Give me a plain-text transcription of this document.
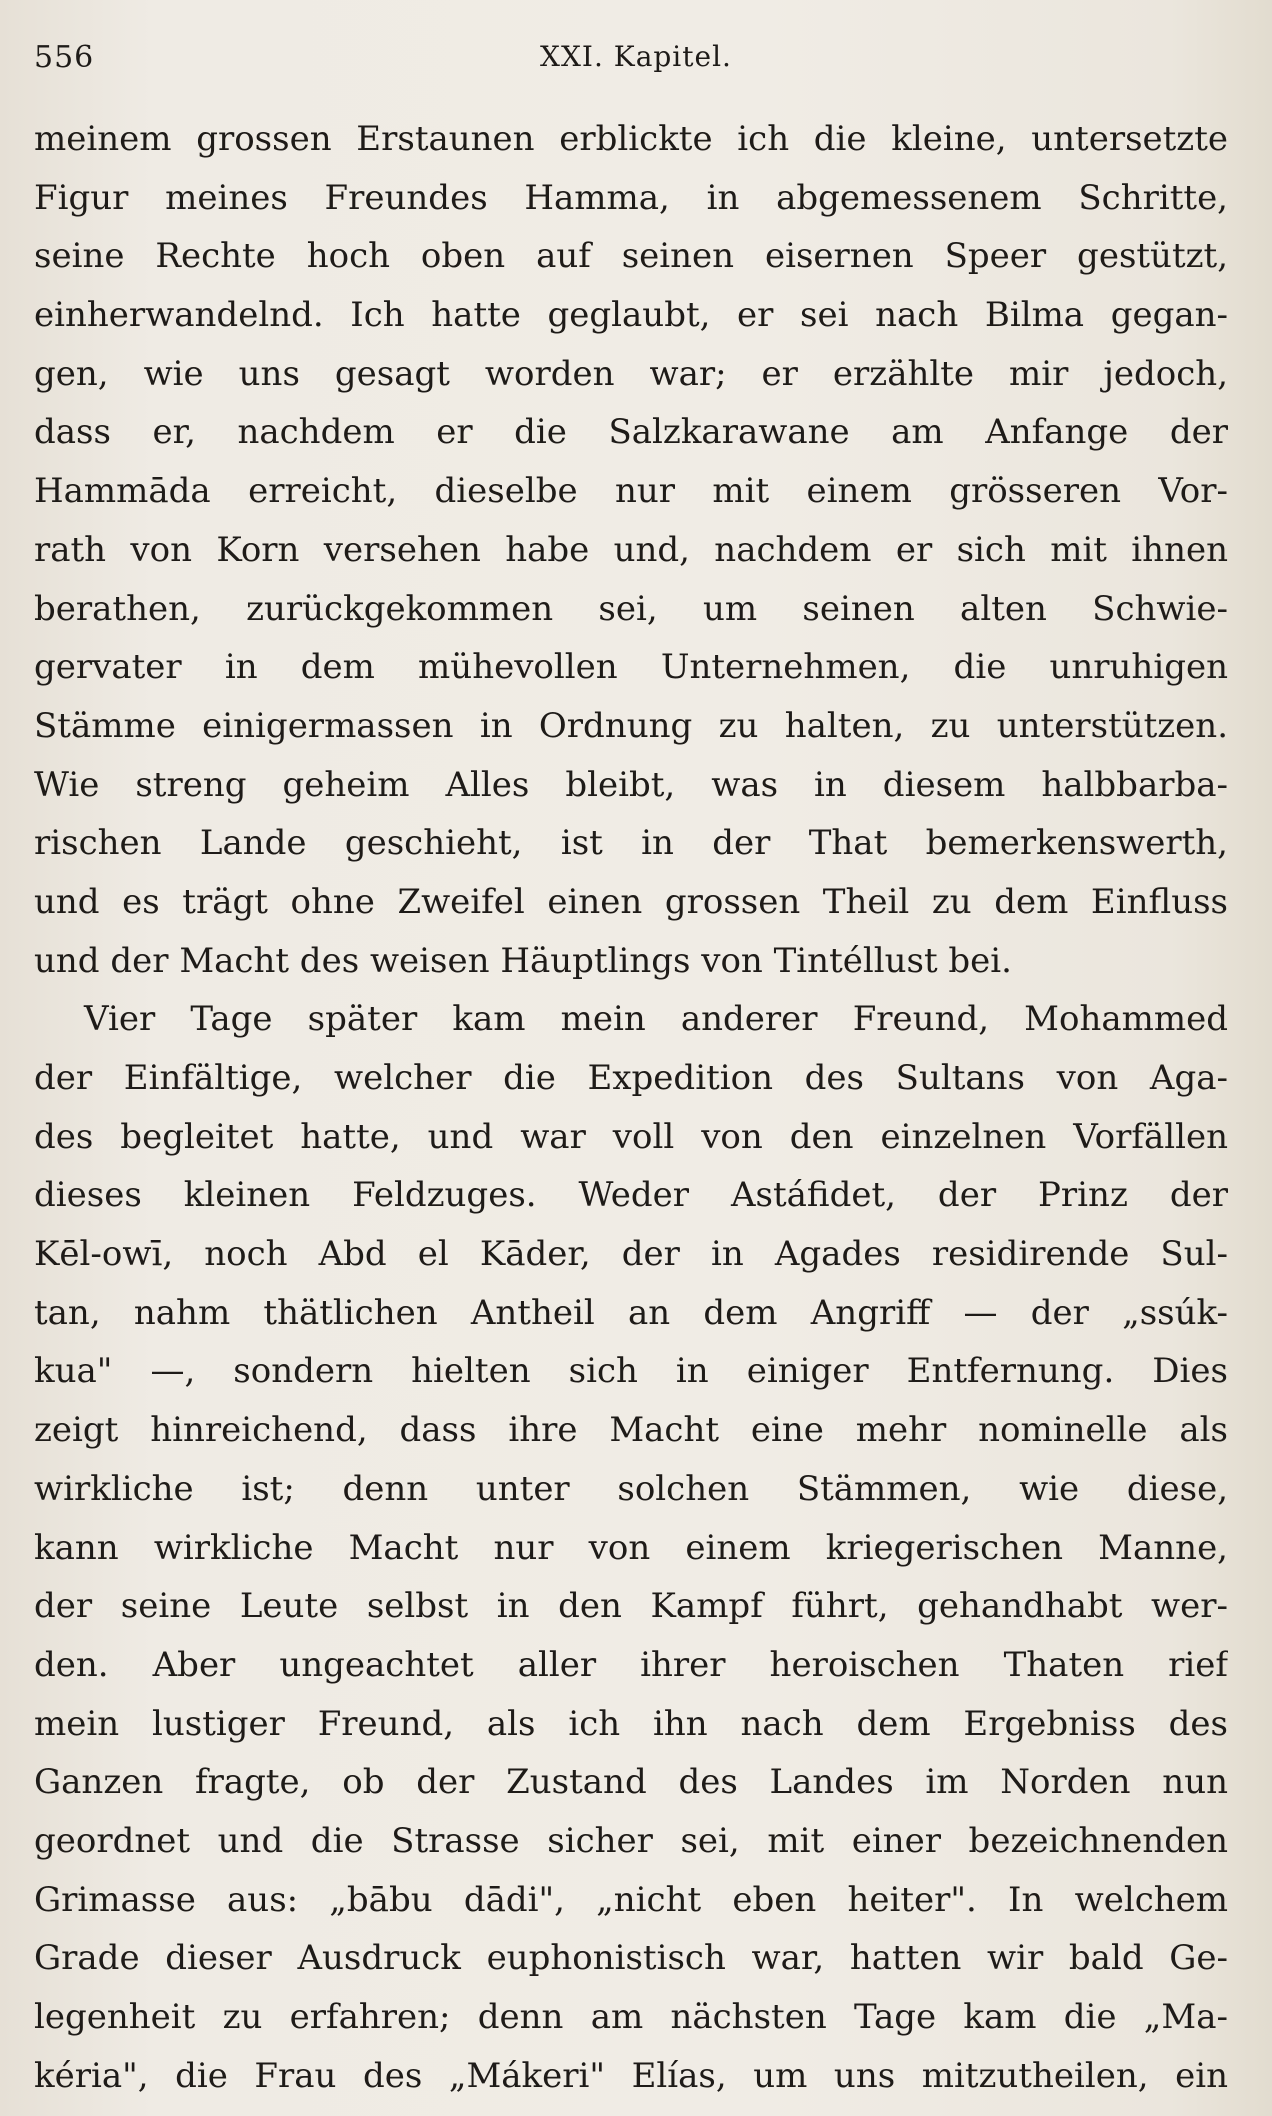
556	XXI. Kapitel.
meinem grossen Erstaunen erblickte ich die kleine, untersetzte
Figur meines Freundes Hamma, in abgemessenem Schritte,
seine Rechte hoch oben auf seinen eisernen Speer gestützt,
einherwandelnd. Ich hatte geglaubt, er sei nach Bilma gegan-
gen, wie uns gesagt worden war; er erzählte mir jedoch,
dass er, nachdem er die Salzkarawane am Anfange der
Hammāda erreicht, dieselbe nur mit einem grösseren Vor-
rath von Korn versehen habe und, nachdem er sich mit ihnen
berathen, zurückgekommen sei, um seinen alten Schwie-
gervater in dem mühevollen Unternehmen, die unruhigen
Stämme einigermassen in Ordnung zu halten, zu unterstützen.
Wie streng geheim Alles bleibt, was in diesem halbbarba-
rischen Lande geschieht, ist in der That bemerkenswerth,
und es trägt ohne Zweifel einen grossen Theil zu dem Einfluss
und der Macht des weisen Häuptlings von Tintéllust bei.
Vier Tage später kam mein anderer Freund, Mohammed
der Einfältige, welcher die Expedition des Sultans von Aga-
des begleitet hatte, und war voll von den einzelnen Vorfällen
dieses kleinen Feldzuges. Weder Astáfidet, der Prinz der
Kēl-owī, noch Abd el Kāder, der in Agades residirende Sul-
tan, nahm thätlichen Antheil an dem Angriff — der „ssúk-
kua" —, sondern hielten sich in einiger Entfernung. Dies
zeigt hinreichend, dass ihre Macht eine mehr nominelle als
wirkliche ist; denn unter solchen Stämmen, wie diese,
kann wirkliche Macht nur von einem kriegerischen Manne,
der seine Leute selbst in den Kampf führt, gehandhabt wer-
den. Aber ungeachtet aller ihrer heroischen Thaten rief
mein lustiger Freund, als ich ihn nach dem Ergebniss des
Ganzen fragte, ob der Zustand des Landes im Norden nun
geordnet und die Strasse sicher sei, mit einer bezeichnenden
Grimasse aus: „bābu dādi", „nicht eben heiter". In welchem
Grade dieser Ausdruck euphonistisch war, hatten wir bald Ge-
legenheit zu erfahren; denn am nächsten Tage kam die „Ma-
kéria", die Frau des „Mákeri" Elías, um uns mitzutheilen, ein
